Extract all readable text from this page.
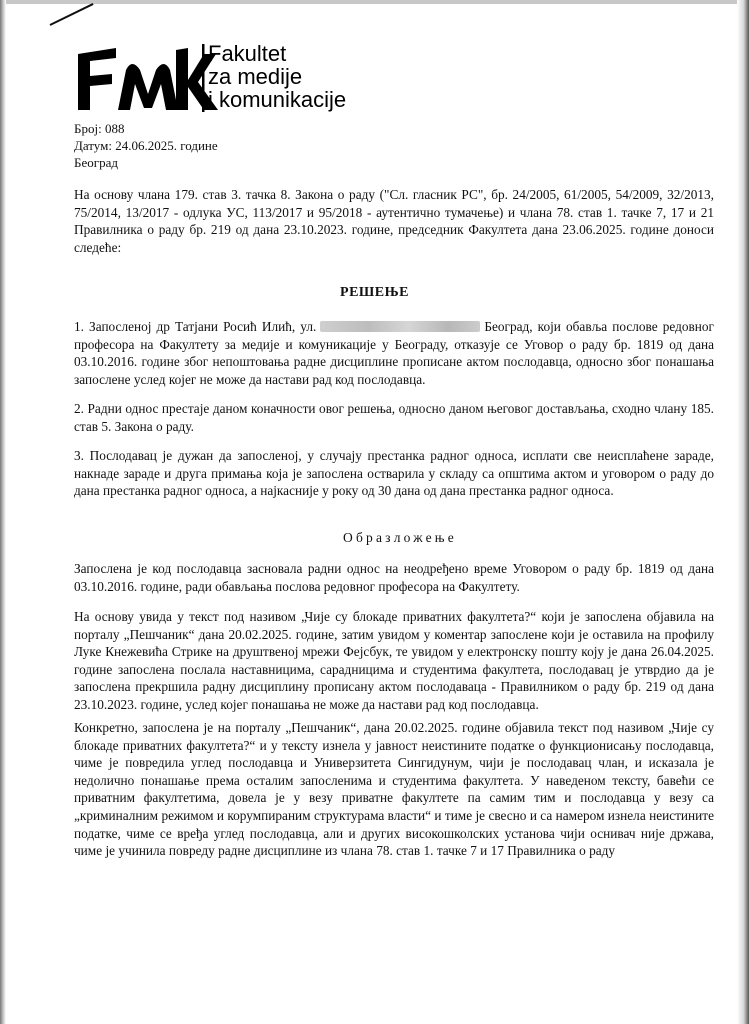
Fakultet
za medije
i komunikacije
Број: 088
Датум: 24.06.2025. године
Београд
На основу члана 179. став 3. тачка 8. Закона о раду ("Сл. гласник РС", бр. 24/2005, 61/2005, 54/2009, 32/2013, 75/2014, 13/2017 - одлука УС, 113/2017 и 95/2018 - аутентично тумачење) и члана 78. став 1. тачке 7, 17 и 21 Правилника о раду бр. 219 од дана 23.10.2023. године, председник Факултета дана 23.06.2025. године доноси следеће:
РЕШЕЊЕ
1. Запосленој др Татјани Росић Илић, ул.	Београд, који обавља послове редовног професора на Факултету за медије и комуникације у Београду, отказује се Уговор о раду бр. 1819 од дана 03.10.2016. године због непоштовања радне дисциплине прописане актом послодавца, односно због понашања запослене услед којег не може да настави рад код послодавца.
2. Радни однос престаје даном коначности овог решења, односно даном његовог достављања, сходно члану 185. став 5. Закона о раду.
3. Послодавац је дужан да запосленој, у случају престанка радног односа, исплати све неисплаћене зараде, накнаде зараде и друга примања која је запослена остварила у складу са општима актом и уговором о раду до дана престанка радног односа, а најкасније у року од 30 дана од дана престанка радног односа.
Образложење
Запослена је код послодавца засновала радни однос на неодређено време Уговором о раду бр. 1819 од дана 03.10.2016. године, ради обављања послова редовног професора на Факултету.
На основу увида у текст под називом „Чије су блокаде приватних факултета?“ који је запослена објавила на порталу „Пешчаник“ дана 20.02.2025. године, затим увидом у коментар запослене који је оставила на профилу Луке Кнежевића Стрике на друштвеној мрежи Фејсбук, те увидом у електронску пошту коју је дана 26.04.2025. године запослена послала наставницима, сарадницима и студентима факултета, послодавац је утврдио да је запослена прекршила радну дисциплину прописану актом послодаваца - Правилником о раду бр. 219 од дана 23.10.2023. године, услед којег понашања не може да настави рад код послодавца.
Конкретно, запослена је на порталу „Пешчаник“, дана 20.02.2025. године објавила текст под називом „Чије су блокаде приватних факултета?“ и у тексту изнела у јавност неистините податке о функционисању послодавца, чиме је повредила углед послодавца и Универзитета Сингидунум, чији је послодавац члан, и исказала је недолично понашање према осталим запосленима и студентима факултета. У наведеном тексту, бавећи се приватним факултетима, довела је у везу приватне факултете па самим тим и послодавца у везу са „криминалним режимом и корумпираним структурама власти“ и тиме је свесно и са намером изнела неистините податке, чиме се вређа углед послодавца, али и других високошколских установа чији оснивач није држава, чиме је учинила повреду радне дисциплине из члана 78. став 1. тачке 7 и 17 Правилника о раду
